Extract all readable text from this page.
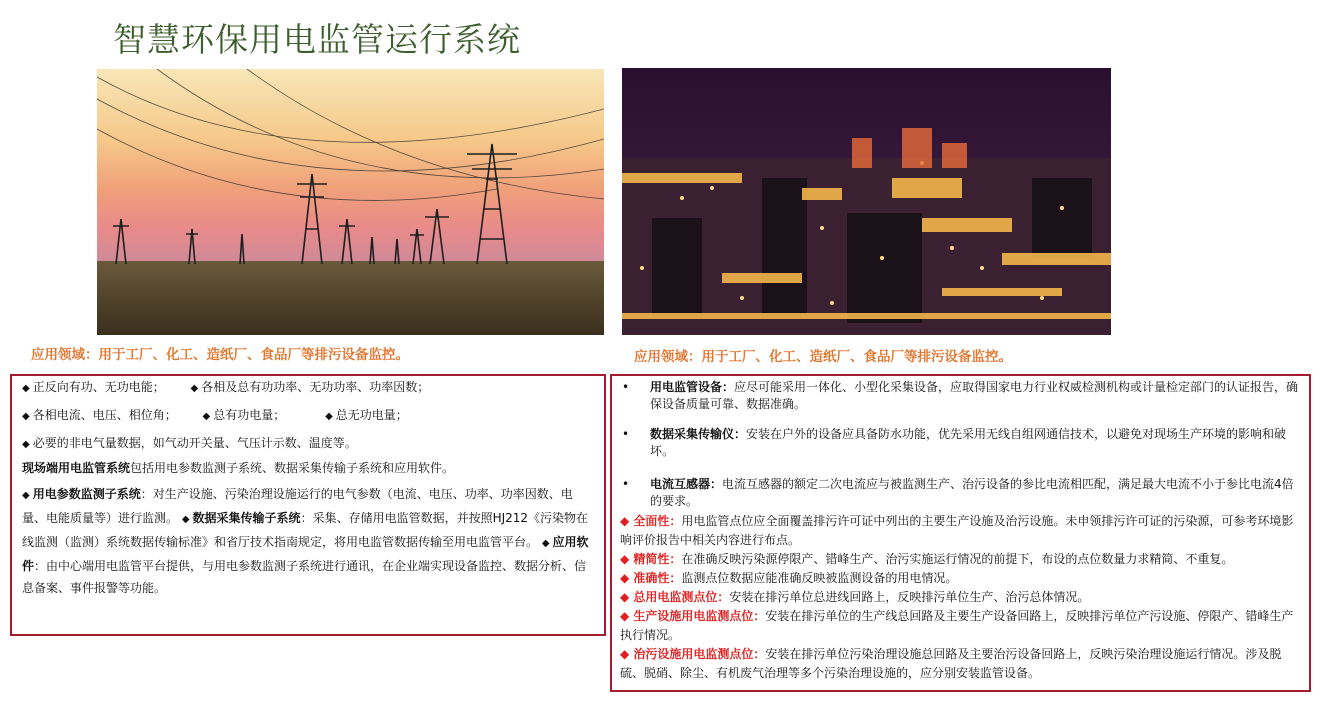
智慧环保用电监管运行系统
应用领域：用于工厂、化工、造纸厂、食品厂等排污设备监控。	应用领域：用于工厂、化工、造纸厂、食品厂等排污设备监控。

◆ 正反向有功、无功电能；	◆ 各相及总有功功率、无功功率、功率因数；

◆ 各相电流、电压、相位角；	◆ 总有功电量；	◆ 总无功电量；

◆ 必要的非电气量数据，如气动开关量、气压计示数、温度等。

现场端用电监管系统包括用电参数监测子系统、数据采集传输子系统和应用软件。

◆ 用电参数监测子系统：对生产设施、污染治理设施运行的电气参数（电流、电压、功率、功率因数、电量、电能质量等）进行监测。 ◆ 数据采集传输子系统：采集、存储用电监管数据，并按照HJ212《污染物在线监测（监测）系统数据传输标准》和省厅技术指南规定，将用电监管数据传输至用电监管平台。 ◆ 应用软件：由中心端用电监管平台提供，与用电参数监测子系统进行通讯，在企业端实现设备监控、数据分析、信息备案、事件报警等功能。

• 用电监管设备：应尽可能采用一体化、小型化采集设备，应取得国家电力行业权威检测机构或计量检定部门的认证报告，确保设备质量可靠、数据准确。
• 数据采集传输仪：安装在户外的设备应具备防水功能，优先采用无线自组网通信技术，以避免对现场生产环境的影响和破坏。
• 电流互感器：电流互感器的额定二次电流应与被监测生产、治污设备的参比电流相匹配，满足最大电流不小于参比电流4倍的要求。

◆ 全面性：用电监管点位应全面覆盖排污许可证中列出的主要生产设施及治污设施。未申领排污许可证的污染源，可参考环境影响评价报告中相关内容进行布点。

◆ 精简性：在准确反映污染源停限产、错峰生产、治污实施运行情况的前提下，布设的点位数量力求精简、不重复。

◆ 准确性：监测点位数据应能准确反映被监测设备的用电情况。

◆ 总用电监测点位：安装在排污单位总进线回路上，反映排污单位生产、治污总体情况。

◆ 生产设施用电监测点位：安装在排污单位的生产线总回路及主要生产设备回路上，反映排污单位产污设施、停限产、错峰生产执行情况。

◆ 治污设施用电监测点位：安装在排污单位污染治理设施总回路及主要治污设备回路上，反映污染治理设施运行情况。涉及脱硫、脱硝、除尘、有机废气治理等多个污染治理设施的，应分别安装监管设备。
